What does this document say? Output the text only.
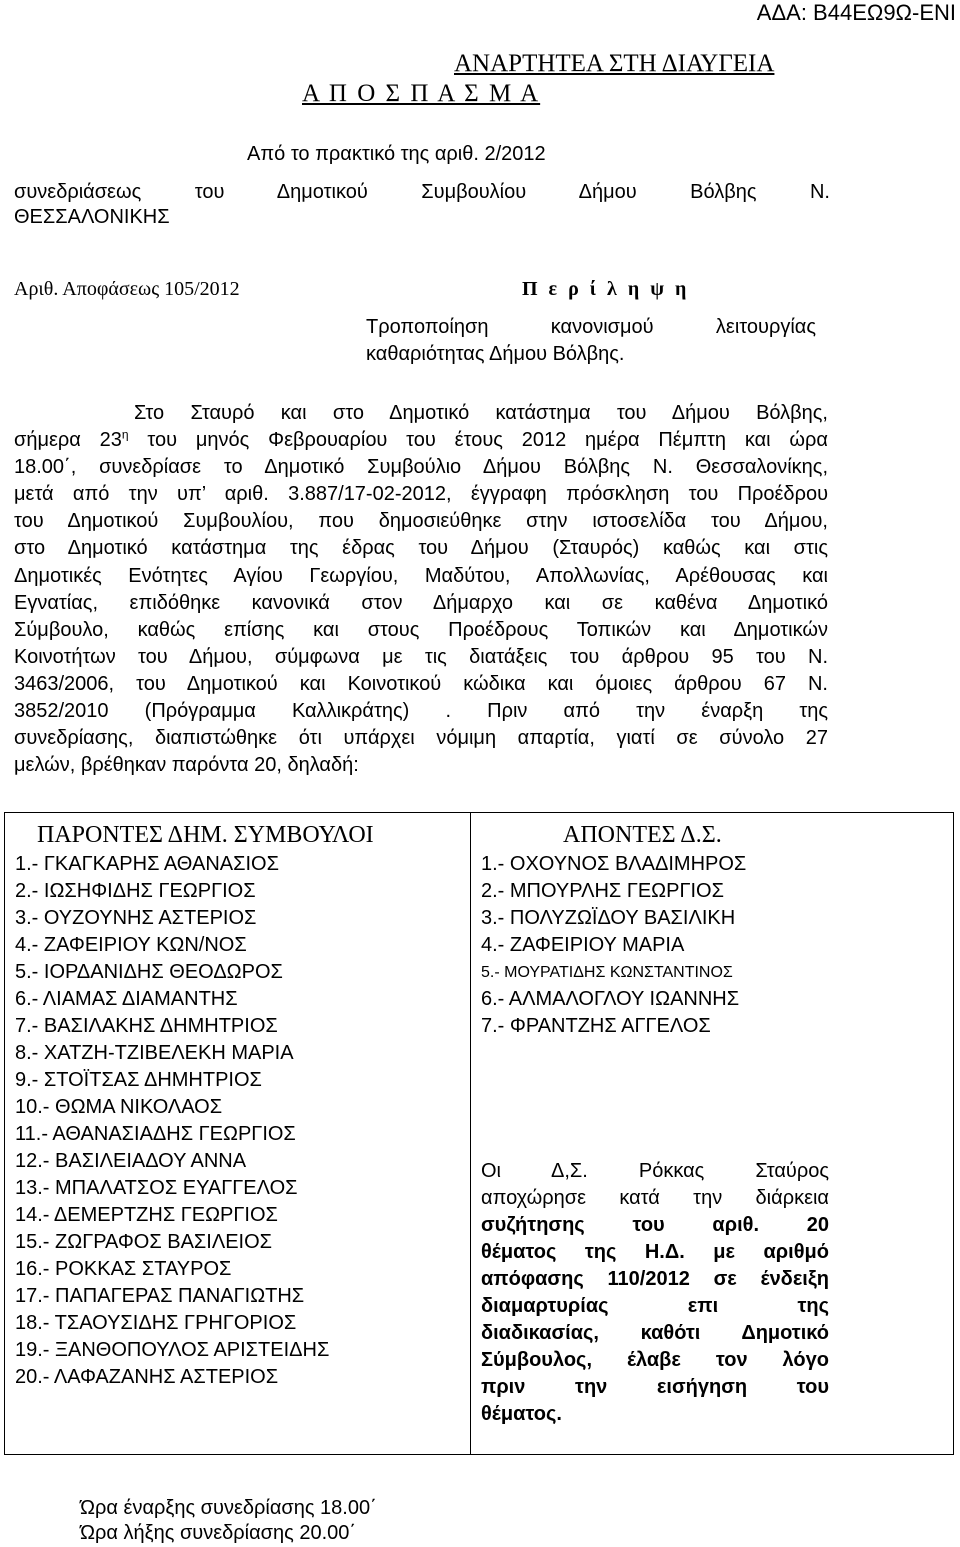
ΑΔΑ: Β44ΕΩ9Ω-ΕΝΙ
ΑΝΑΡΤΗΤΕΑ ΣΤΗ ΔΙΑΥΓΕΙΑ
Α Π Ο Σ Π Α Σ Μ Α
Από το πρακτικό της αριθ. 2/2012
συνεδριάσεως του Δημοτικού Συμβουλίου Δήμου Βόλβης Ν.
ΘΕΣΣΑΛΟΝΙΚΗΣ
Αριθ. Αποφάσεως 105/2012	Π ε ρ ί λ η ψ η
Τροποποίηση κανονισμού λειτουργίας
καθαριότητας Δήμου Βόλβης.

Στο Σταυρό και στο Δημοτικό κατάστημα του Δήμου Βόλβης,

σήμερα $23^\eta$ του μηνός Φεβρουαρίου του έτους 2012 ημέρα Πέμπτη και ώρα

18.00΄, συνεδρίασε το Δημοτικό Συμβούλιο Δήμου Βόλβης Ν. Θεσσαλονίκης,

μετά από την υπ’ αριθ. 3.887/17-02-2012, έγγραφη πρόσκληση του Προέδρου

του Δημοτικού Συμβουλίου, που δημοσιεύθηκε στην ιστοσελίδα του Δήμου,

στο Δημοτικό κατάστημα της έδρας του Δήμου (Σταυρός) καθώς και στις

Δημοτικές Ενότητες Αγίου Γεωργίου, Μαδύτου, Απολλωνίας, Αρέθουσας και

Εγνατίας, επιδόθηκε κανονικά στον Δήμαρχο και σε καθένα Δημοτικό

Σύμβουλο, καθώς επίσης και στους Προέδρους Τοπικών και Δημοτικών

Κοινοτήτων του Δήμου, σύμφωνα με τις διατάξεις του άρθρου 95 του Ν.

3463/2006, του Δημοτικού και Κοινοτικού κώδικα και όμοιες άρθρου 67 Ν.

3852/2010 (Πρόγραμμα Καλλικράτης) . Πριν από την έναρξη της

συνεδρίασης, διαπιστώθηκε ότι υπάρχει νόμιμη απαρτία, γιατί σε σύνολο 27

μελών, βρέθηκαν παρόντα 20, δηλαδή:

ΠΑΡΟΝΤΕΣ ΔΗΜ. ΣΥΜΒΟΥΛΟΙ	ΑΠΟΝΤΕΣ Δ.Σ.
1.- ΓΚΑΓΚΑΡΗΣ ΑΘΑΝΑΣΙΟΣ
2.- ΙΩΣΗΦΙΔΗΣ ΓΕΩΡΓΙΟΣ
3.- ΟΥΖΟΥΝΗΣ ΑΣΤΕΡΙΟΣ
4.- ΖΑΦΕΙΡΙΟΥ ΚΩΝ/ΝΟΣ
5.- ΙΟΡΔΑΝΙΔΗΣ ΘΕΟΔΩΡΟΣ
6.- ΛΙΑΜΑΣ ΔΙΑΜΑΝΤΗΣ
7.- ΒΑΣΙΛΑΚΗΣ ΔΗΜΗΤΡΙΟΣ
8.- ΧΑΤΖΗ-ΤΖΙΒΕΛΕΚΗ ΜΑΡΙΑ
9.- ΣΤΟΪΤΣΑΣ ΔΗΜΗΤΡΙΟΣ
10.- ΘΩΜΑ ΝΙΚΟΛΑΟΣ
11.- ΑΘΑΝΑΣΙΑΔΗΣ ΓΕΩΡΓΙΟΣ
12.- ΒΑΣΙΛΕΙΑΔΟΥ ΑΝΝΑ
13.- ΜΠΑΛΑΤΣΟΣ ΕΥΑΓΓΕΛΟΣ
14.- ΔΕΜΕΡΤΖΗΣ ΓΕΩΡΓΙΟΣ
15.- ΖΩΓΡΑΦΟΣ ΒΑΣΙΛΕΙΟΣ
16.- ΡΟΚΚΑΣ ΣΤΑΥΡΟΣ
17.- ΠΑΠΑΓΕΡΑΣ ΠΑΝΑΓΙΩΤΗΣ
18.- ΤΣΑΟΥΣΙΔΗΣ ΓΡΗΓΟΡΙΟΣ
19.- ΞΑΝΘΟΠΟΥΛΟΣ ΑΡΙΣΤΕΙΔΗΣ
20.- ΛΑΦΑΖΑΝΗΣ ΑΣΤΕΡΙΟΣ
1.- ΟΧΟΥΝΟΣ ΒΛΑΔΙΜΗΡΟΣ
2.- ΜΠΟΥΡΛΗΣ ΓΕΩΡΓΙΟΣ
3.- ΠΟΛΥΖΩΪΔΟΥ ΒΑΣΙΛΙΚΗ
4.- ΖΑΦΕΙΡΙΟΥ ΜΑΡΙΑ
5.- ΜΟΥΡΑΤΙΔΗΣ ΚΩΝΣΤΑΝΤΙΝΟΣ
6.- ΑΛΜΑΛΟΓΛΟΥ ΙΩΑΝΝΗΣ
7.- ΦΡΑΝΤΖΗΣ ΑΓΓΕΛΟΣ

Οι Δ,Σ. Ρόκκας Σταύρος

αποχώρησε κατά την διάρκεια

συζήτησης του αριθ. 20

θέματος της Η.Δ. με αριθμό

απόφασης 110/2012 σε ένδειξη

διαμαρτυρίας επι της

διαδικασίας, καθότι Δημοτικό

Σύμβουλος, έλαβε τον λόγο

πριν την εισήγηση του

θέματος.

Ώρα έναρξης συνεδρίασης 18.00΄
Ώρα λήξης συνεδρίασης 20.00΄
